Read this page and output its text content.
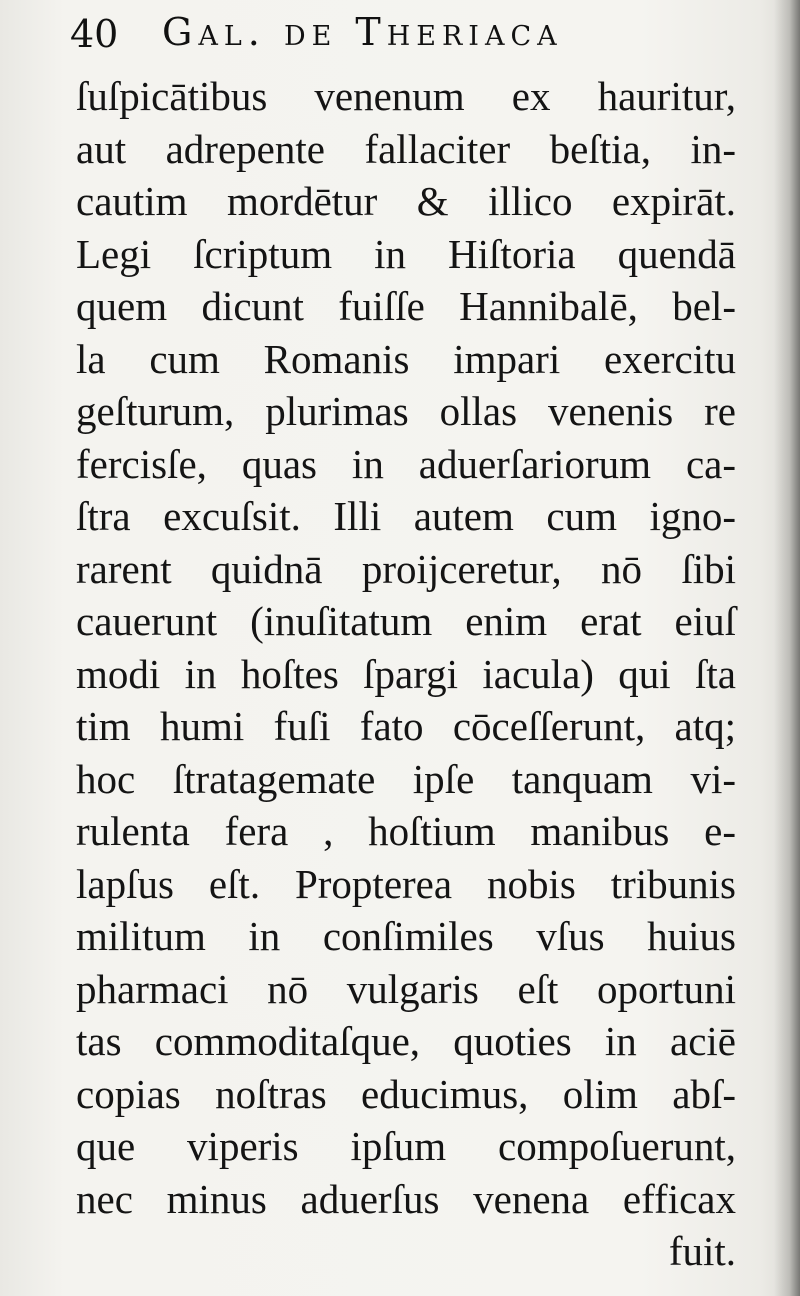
40 Gal. de Theriaca
ſuſpicātibus venenum ex hauritur,
aut adrepente fallaciter beſtia, in-
cautim mordētur & illico expirāt.
Legi ſcriptum in Hiſtoria quendā
quem dicunt fuiſſe Hannibalē, bel-
la cum Romanis impari exercitu
geſturum, plurimas ollas venenis re
fercisſe, quas in aduerſariorum ca-
ſtra excuſsit. Illi autem cum igno-
rarent quidnā proijceretur, nō ſibi
cauerunt (inuſitatum enim erat eiuſ
modi in hoſtes ſpargi iacula) qui ſta
tim humi fuſi fato cōceſſerunt, atq;
hoc ſtratagemate ipſe tanquam vi-
rulenta fera , hoſtium manibus e-
lapſus eſt. Propterea nobis tribunis
militum in conſimiles vſus huius
pharmaci nō vulgaris eſt oportuni
tas commoditaſque, quoties in aciē
copias noſtras educimus, olim abſ-
que viperis ipſum compoſuerunt,
nec minus aduerſus venena efficax
fuit.
